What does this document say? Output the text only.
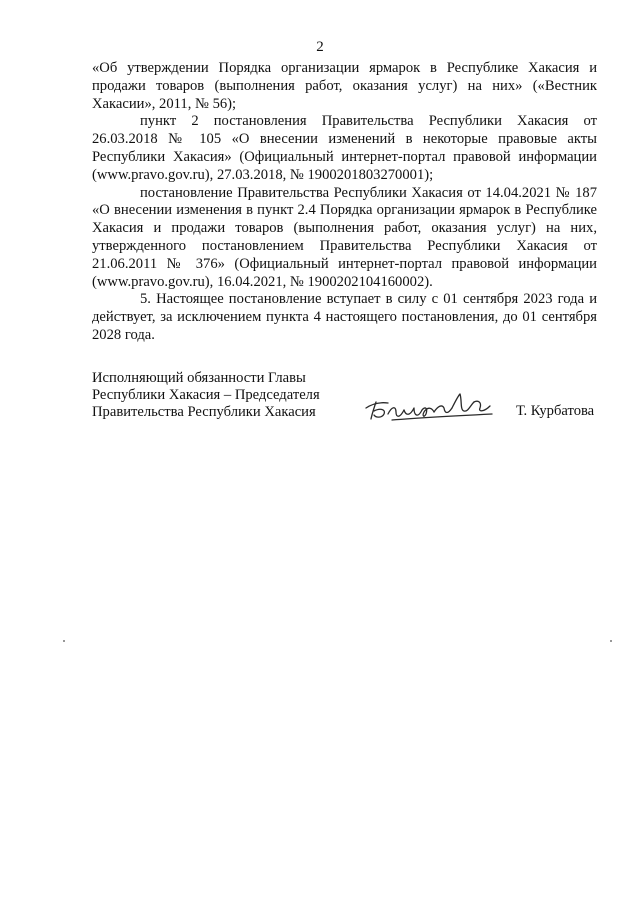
2

«Об утверждении Порядка организации ярмарок в Республике Хакасия и продажи товаров (выполнения работ, оказания услуг) на них» («Вестник Хакасии», 2011, № 56);

пункт 2 постановления Правительства Республики Хакасия от 26.03.2018 № 105 «О внесении изменений в некоторые правовые акты Республики Хакасия» (Официальный интернет-портал правовой информации (www.pravo.gov.ru), 27.03.2018, № 1900201803270001);

постановление Правительства Республики Хакасия от 14.04.2021 № 187 «О внесении изменения в пункт 2.4 Порядка организации ярмарок в Республике Хакасия и продажи товаров (выполнения работ, оказания услуг) на них, утвержденного постановлением Правительства Республики Хакасия от 21.06.2011 № 376» (Официальный интернет-портал правовой информации (www.pravo.gov.ru), 16.04.2021, № 1900202104160002).

5. Настоящее постановление вступает в силу с 01 сентября 2023 года и действует, за исключением пункта 4 настоящего постановления, до 01 сентября 2028 года.

Исполняющий обязанности Главы
Республики Хакасия – Председателя
Правительства Республики Хакасия	Т. Курбатова
